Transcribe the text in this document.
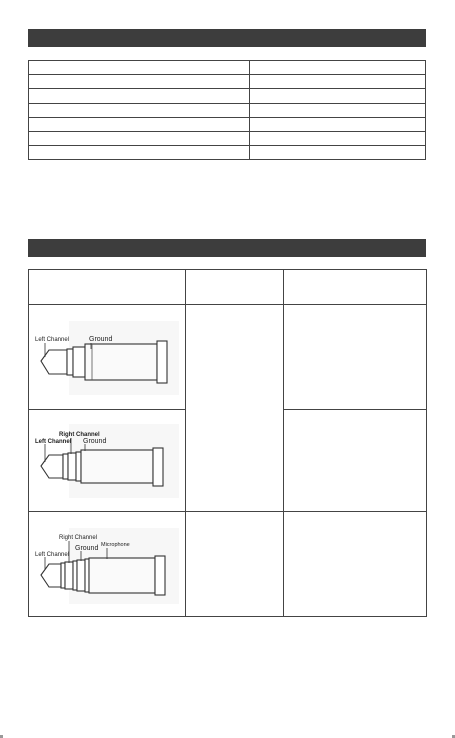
Left Channel Ground		

Right Channel
Left Channel Ground		

Right Channel
Ground Microphone
Left Channel		
